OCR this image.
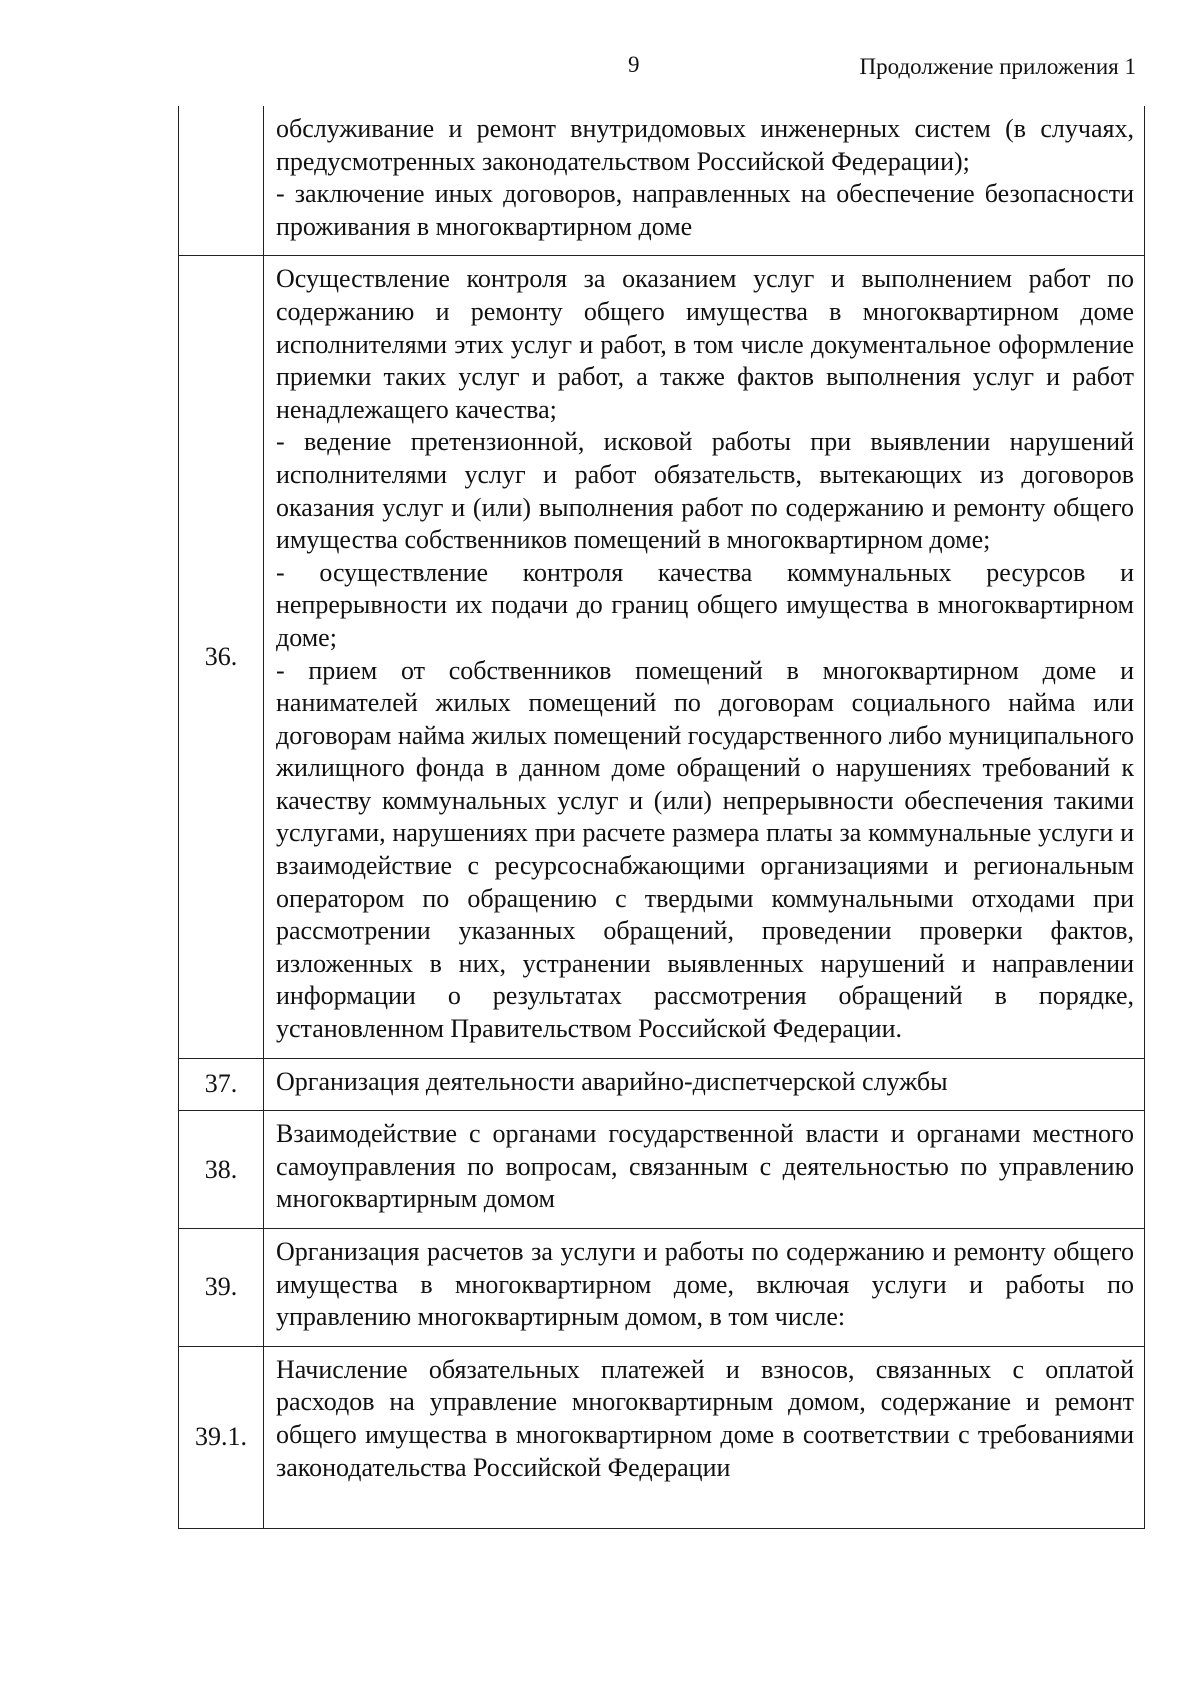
9	Продолжение приложения 1

	обслуживание и ремонт внутридомовых инженерных систем (в случаях, предусмотренных законодательством Российской Федерации);

- заключение иных договоров, направленных на обеспечение безопасности проживания в многоквартирном доме

36.	Осуществление контроля за оказанием услуг и выполнением работ по содержанию и ремонту общего имущества в многоквартирном доме исполнителями этих услуг и работ, в том числе документальное оформление приемки таких услуг и работ, а также фактов выполнения услуг и работ ненадлежащего качества;

- ведение претензионной, исковой работы при выявлении нарушений исполнителями услуг и работ обязательств, вытекающих из договоров оказания услуг и (или) выполнения работ по содержанию и ремонту общего имущества собственников помещений в многоквартирном доме;

- осуществление контроля качества коммунальных ресурсов и непрерывности их подачи до границ общего имущества в многоквартирном доме;

- прием от собственников помещений в многоквартирном доме и нанимателей жилых помещений по договорам социального найма или договорам найма жилых помещений государственного либо муниципального жилищного фонда в данном доме обращений о нарушениях требований к качеству коммунальных услуг и (или) непрерывности обеспечения такими услугами, нарушениях при расчете размера платы за коммунальные услуги и взаимодействие с ресурсоснабжающими организациями и региональным оператором по обращению с твердыми коммунальными отходами при рассмотрении указанных обращений, проведении проверки фактов, изложенных в них, устранении выявленных нарушений и направлении информации о результатах рассмотрения обращений в порядке, установленном Правительством Российской Федерации.

37.	Организация деятельности аварийно-диспетчерской службы

38.	Взаимодействие с органами государственной власти и органами местного самоуправления по вопросам, связанным с деятельностью по управлению многоквартирным домом

39.	Организация расчетов за услуги и работы по содержанию и ремонту общего имущества в многоквартирном доме, включая услуги и работы по управлению многоквартирным домом, в том числе:

39.1.	Начисление обязательных платежей и взносов, связанных с оплатой расходов на управление многоквартирным домом, содержание и ремонт общего имущества в многоквартирном доме в соответствии с требованиями законодательства Российской Федерации
